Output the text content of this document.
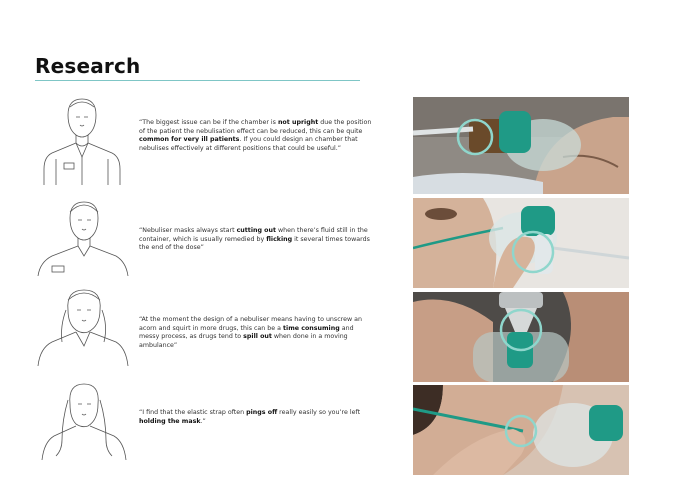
Research
“The biggest issue can be if the chamber is not upright due the position of the patient the nebulisation effect can be reduced, this can be quite common for very ill patients. If you could design an chamber that nebulises effectively at different positions that could be useful.”
“Nebuliser masks always start cutting out when there’s fluid still in the container, which is usually remedied by flicking it several times towards the end of the dose”
“At the moment the design of a nebuliser means having to unscrew an acorn and squirt in more drugs, this can be a time consuming and messy process, as drugs tend to spill out when done in a moving ambulance”
“I find that the elastic strap often pings off really easily so you’re left holding the mask.”
